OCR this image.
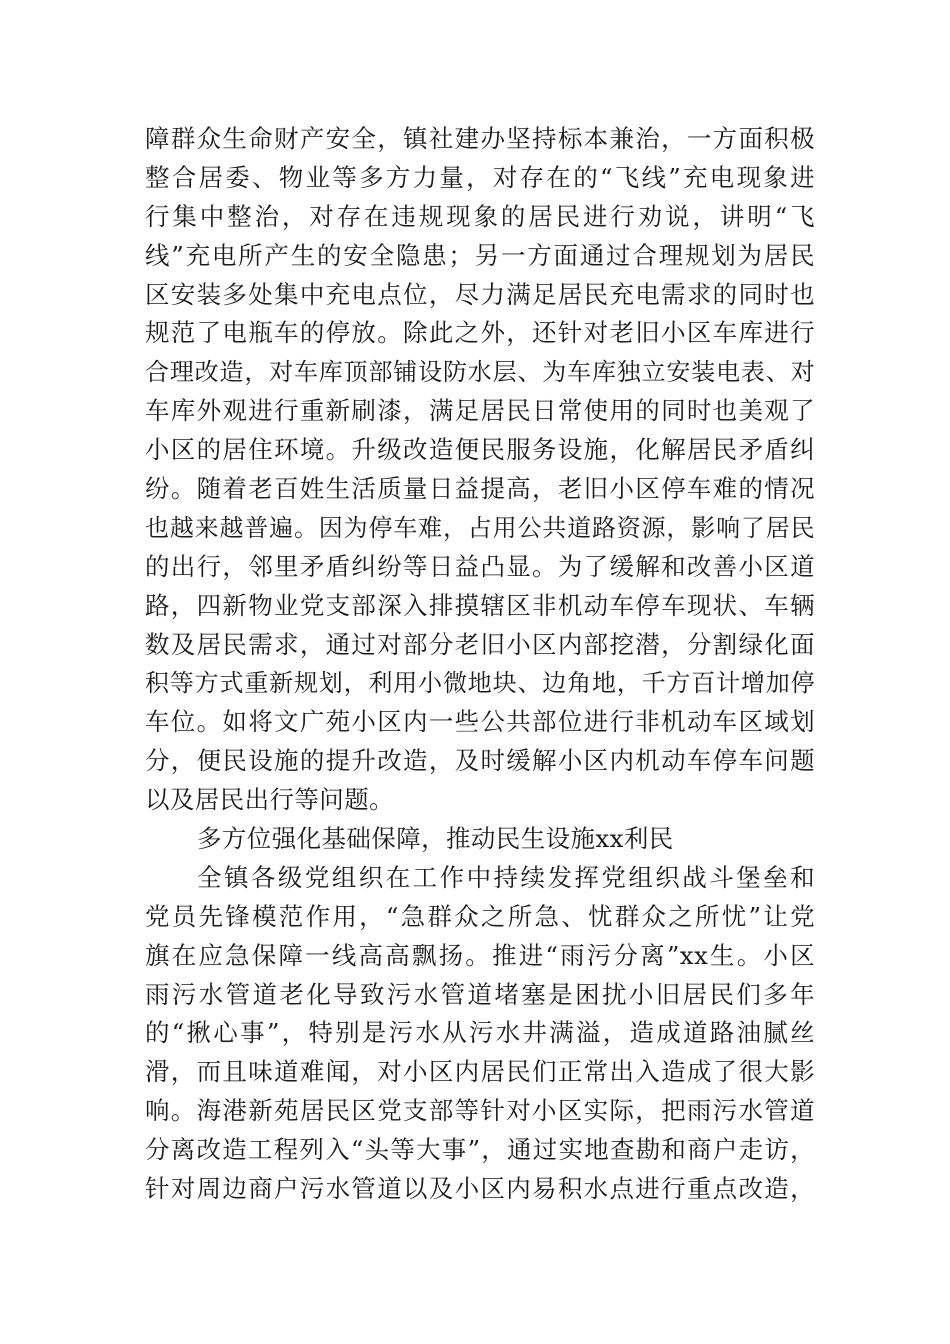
障群众生命财产安全，镇社建办坚持标本兼治，一方面积极
整合居委、物业等多方力量，对存在的“飞线”充电现象进
行集中整治，对存在违规现象的居民进行劝说，讲明“飞
线”充电所产生的安全隐患；另一方面通过合理规划为居民
区安装多处集中充电点位，尽力满足居民充电需求的同时也
规范了电瓶车的停放。除此之外，还针对老旧小区车库进行
合理改造，对车库顶部铺设防水层、为车库独立安装电表、对
车库外观进行重新刷漆，满足居民日常使用的同时也美观了
小区的居住环境。升级改造便民服务设施，化解居民矛盾纠
纷。随着老百姓生活质量日益提高，老旧小区停车难的情况
也越来越普遍。因为停车难，占用公共道路资源，影响了居民
的出行，邻里矛盾纠纷等日益凸显。为了缓解和改善小区道
路，四新物业党支部深入排摸辖区非机动车停车现状、车辆
数及居民需求，通过对部分老旧小区内部挖潜，分割绿化面
积等方式重新规划，利用小微地块、边角地，千方百计增加停
车位。如将文广苑小区内一些公共部位进行非机动车区域划
分，便民设施的提升改造，及时缓解小区内机动车停车问题
以及居民出行等问题。
多方位强化基础保障，推动民生设施xx利民
全镇各级党组织在工作中持续发挥党组织战斗堡垒和
党员先锋模范作用，“急群众之所急、忧群众之所忧”让党
旗在应急保障一线高高飘扬。推进“雨污分离”xx生。小区
雨污水管道老化导致污水管道堵塞是困扰小旧居民们多年
的“揪心事”，特别是污水从污水井满溢，造成道路油腻丝
滑，而且味道难闻，对小区内居民们正常出入造成了很大影
响。海港新苑居民区党支部等针对小区实际，把雨污水管道
分离改造工程列入“头等大事”，通过实地查勘和商户走访，
针对周边商户污水管道以及小区内易积水点进行重点改造，
